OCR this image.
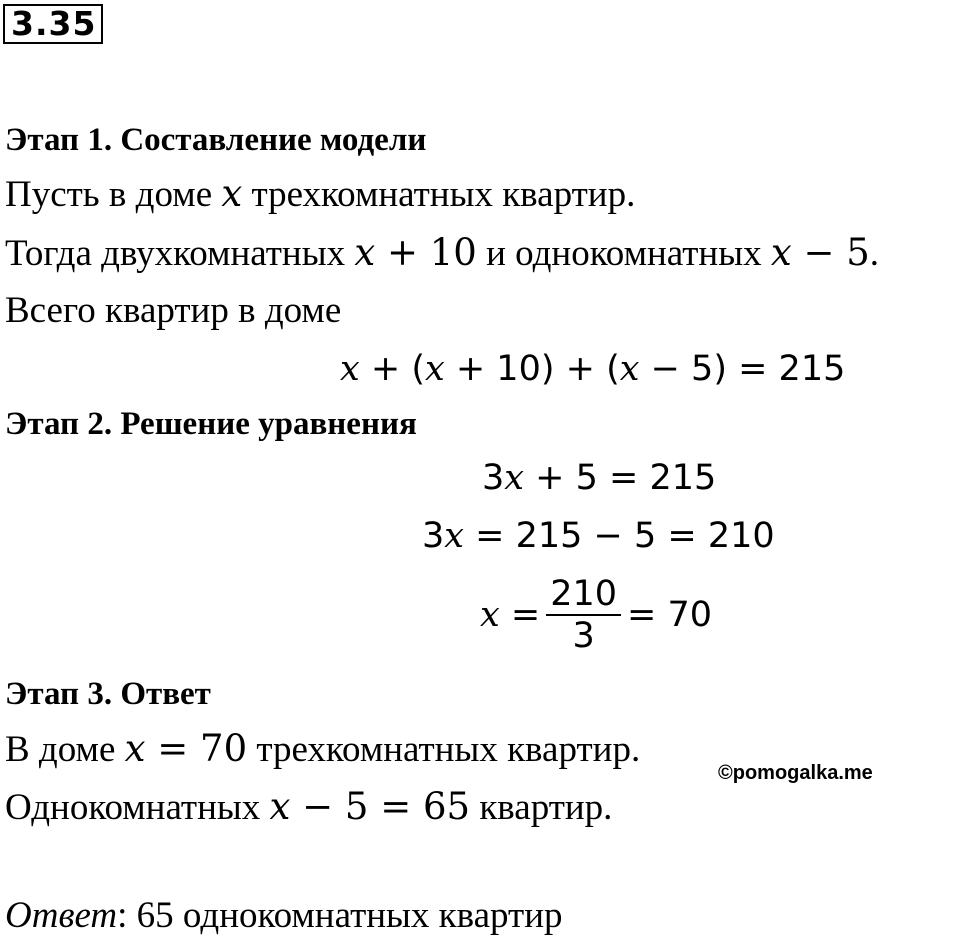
3.35
Этап 1. Составление модели
Пусть в доме x трехкомнатных квартир.
Тогда двухкомнатных x + 10 и однокомнатных x − 5.
Всего квартир в доме
x + (x + 10) + (x − 5) = 215
Этап 2. Решение уравнения
3x + 5 = 215
3x = 215 − 5 = 210
$x = \frac{210}{3} = 70$
Этап 3. Ответ
В доме x = 70 трехкомнатных квартир.
©pomogalka.me
Однокомнатных x − 5 = 65 квартир.
Ответ: 65 однокомнатных квартир
